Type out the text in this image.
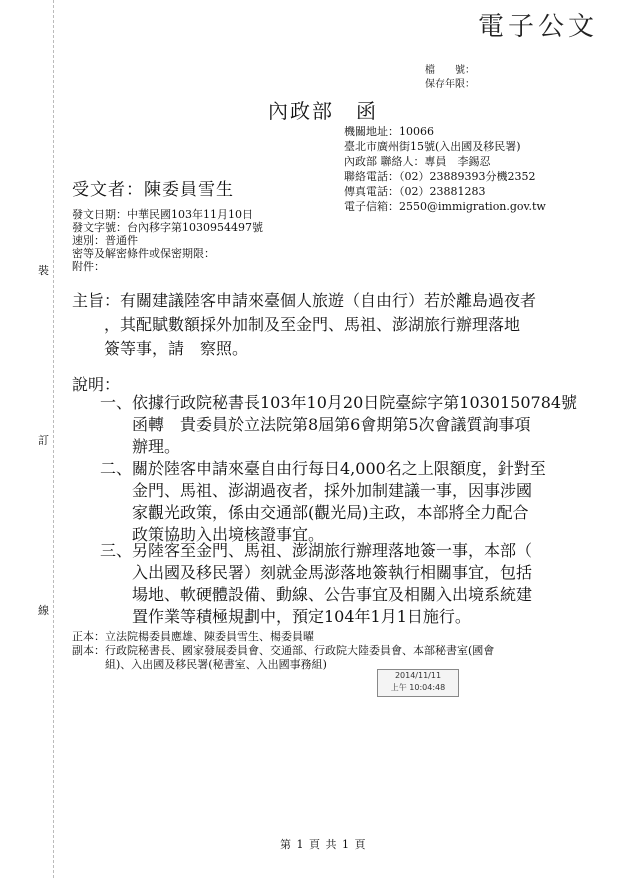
電子公文
檔　　號：
保存年限：
內政部　函
機關地址：10066
臺北市廣州街15號(入出國及移民署)
內政部 聯絡人：專員　李錫忍
聯絡電話：（02）23889393分機2352
傳真電話：（02）23881283
電子信箱：2550@immigration.gov.tw
受文者：陳委員雪生
發文日期：中華民國103年11月10日
發文字號：台內移字第1030954497號
速別：普通件
密等及解密條件或保密期限：
附件：
裝
訂
線
主旨：有關建議陸客申請來臺個人旅遊（自由行）若於離島過夜者
　　，其配賦數額採外加制及至金門、馬祖、澎湖旅行辦理落地
　　簽等事，請　察照。
說明：
一、依據行政院秘書長103年10月20日院臺綜字第1030150784號
　　函轉　貴委員於立法院第8屆第6會期第5次會議質詢事項
　　辦理。
二、關於陸客申請來臺自由行每日4,000名之上限額度，針對至
　　金門、馬祖、澎湖過夜者，採外加制建議一事，因事涉國
　　家觀光政策，係由交通部(觀光局)主政，本部將全力配合
　　政策協助入出境核證事宜。
三、另陸客至金門、馬祖、澎湖旅行辦理落地簽一事，本部（
　　入出國及移民署）刻就金馬澎落地簽執行相關事宜，包括
　　場地、軟硬體設備、動線、公告事宜及相關入出境系統建
　　置作業等積極規劃中，預定104年1月1日施行。
正本：立法院楊委員應雄、陳委員雪生、楊委員曜
副本：行政院秘書長、國家發展委員會、交通部、行政院大陸委員會、本部秘書室(國會
　　　組)、入出國及移民署(秘書室、入出國事務組)
2014/11/11
上午 10:04:48
第 1 頁 共 1 頁
